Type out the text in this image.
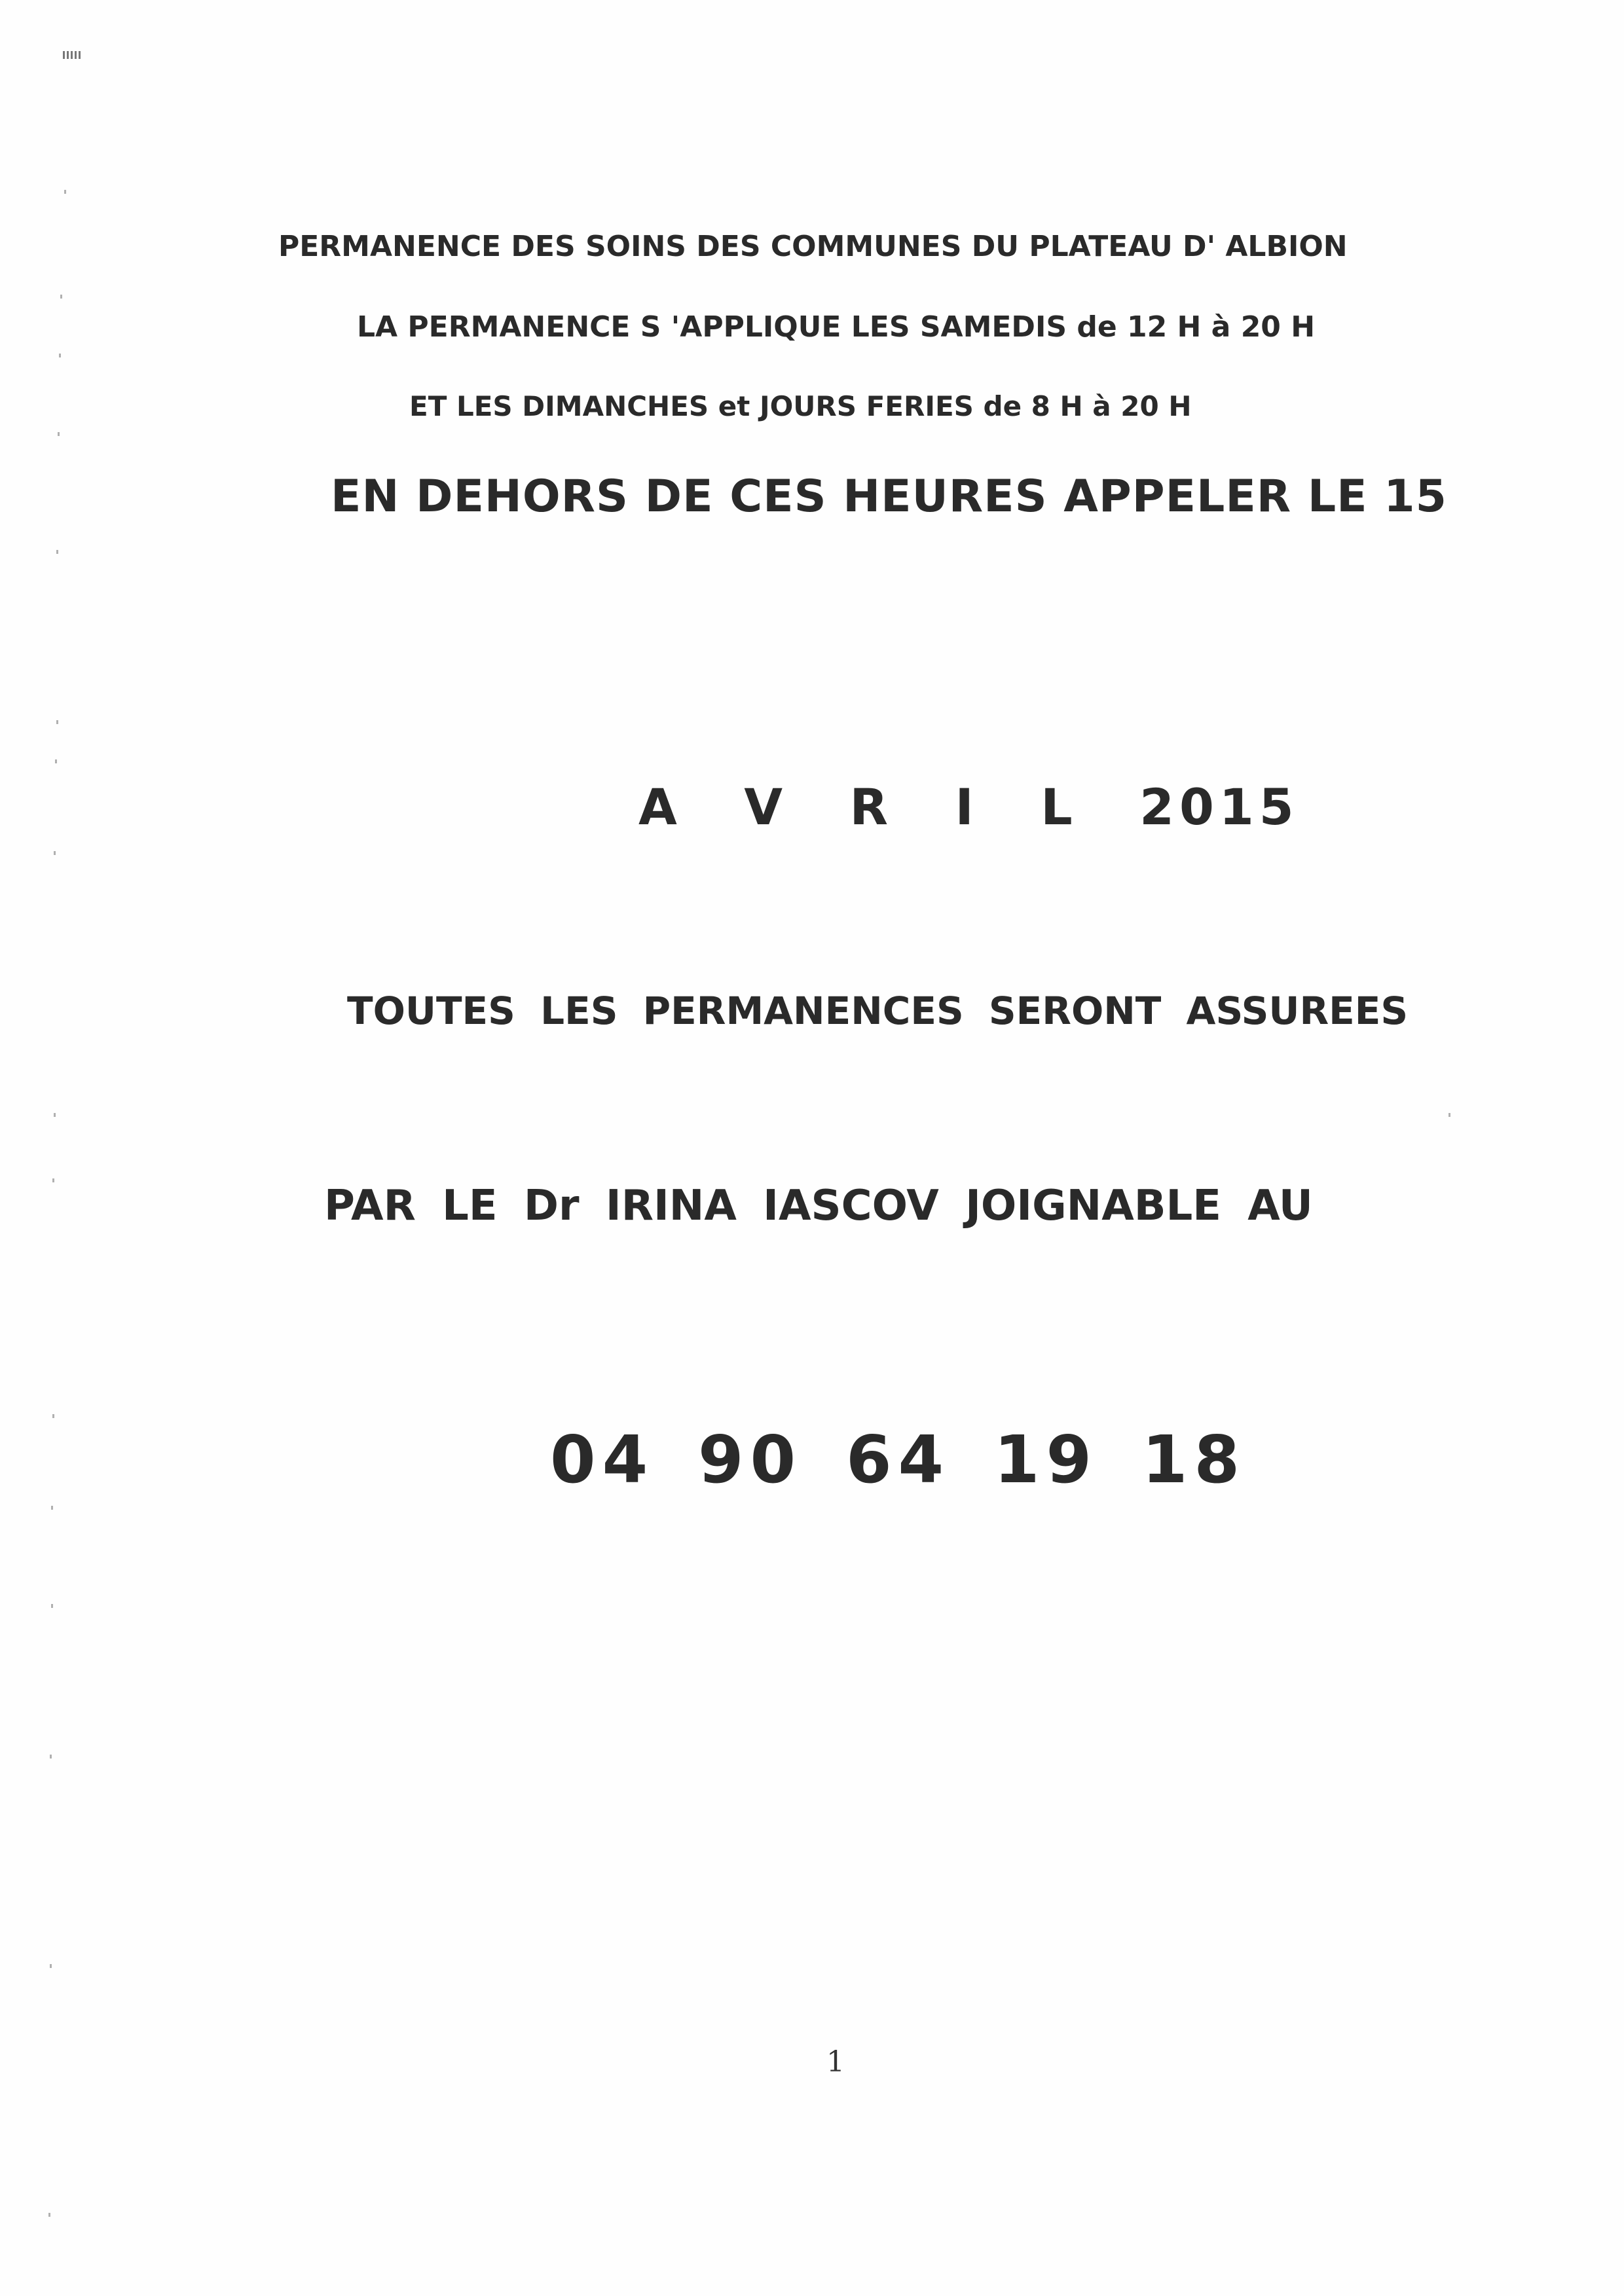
PERMANENCE DES SOINS DES COMMUNES DU PLATEAU D' ALBION

LA PERMANENCE S 'APPLIQUE LES SAMEDIS de 12 H à 20 H

ET LES DIMANCHES et JOURS FERIES de 8 H à 20 H

EN DEHORS DE CES HEURES APPELER LE 15

A V R I L 2015

TOUTES LES PERMANENCES SERONT ASSUREES

PAR LE Dr IRINA IASCOV JOIGNABLE AU

04 90 64 19 18

1
